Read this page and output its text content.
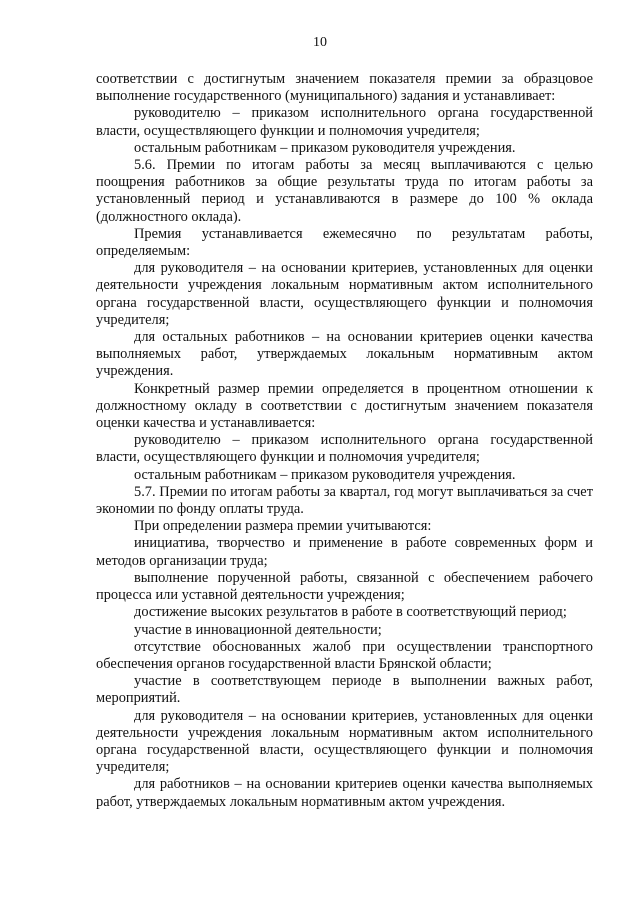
10

соответствии с достигнутым значением показателя премии за образцовое выполнение государственного (муниципального) задания и устанавливает:

руководителю – приказом исполнительного органа государственной власти, осуществляющего функции и полномочия учредителя;

остальным работникам – приказом руководителя учреждения.

5.6. Премии по итогам работы за месяц выплачиваются с целью поощрения работников за общие результаты труда по итогам работы за установленный период и устанавливаются в размере до 100 % оклада (должностного оклада).

Премия устанавливается ежемесячно по результатам работы, определяемым:

для руководителя – на основании критериев, установленных для оценки деятельности учреждения локальным нормативным актом исполнительного органа государственной власти, осуществляющего функции и полномочия учредителя;

для остальных работников – на основании критериев оценки качества выполняемых работ, утверждаемых локальным нормативным актом учреждения.

Конкретный размер премии определяется в процентном отношении к должностному окладу в соответствии с достигнутым значением показателя оценки качества и устанавливается:

руководителю – приказом исполнительного органа государственной власти, осуществляющего функции и полномочия учредителя;

остальным работникам – приказом руководителя учреждения.

5.7. Премии по итогам работы за квартал, год могут выплачиваться за счет экономии по фонду оплаты труда.

При определении размера премии учитываются:

инициатива, творчество и применение в работе современных форм и методов организации труда;

выполнение порученной работы, связанной с обеспечением рабочего процесса или уставной деятельности учреждения;

достижение высоких результатов в работе в соответствующий период;

участие в инновационной деятельности;

отсутствие обоснованных жалоб при осуществлении транспортного обеспечения органов государственной власти Брянской области;

участие в соответствующем периоде в выполнении важных работ, мероприятий.

для руководителя – на основании критериев, установленных для оценки деятельности учреждения локальным нормативным актом исполнительного органа государственной власти, осуществляющего функции и полномочия учредителя;

для работников – на основании критериев оценки качества выполняемых работ, утверждаемых локальным нормативным актом учреждения.
